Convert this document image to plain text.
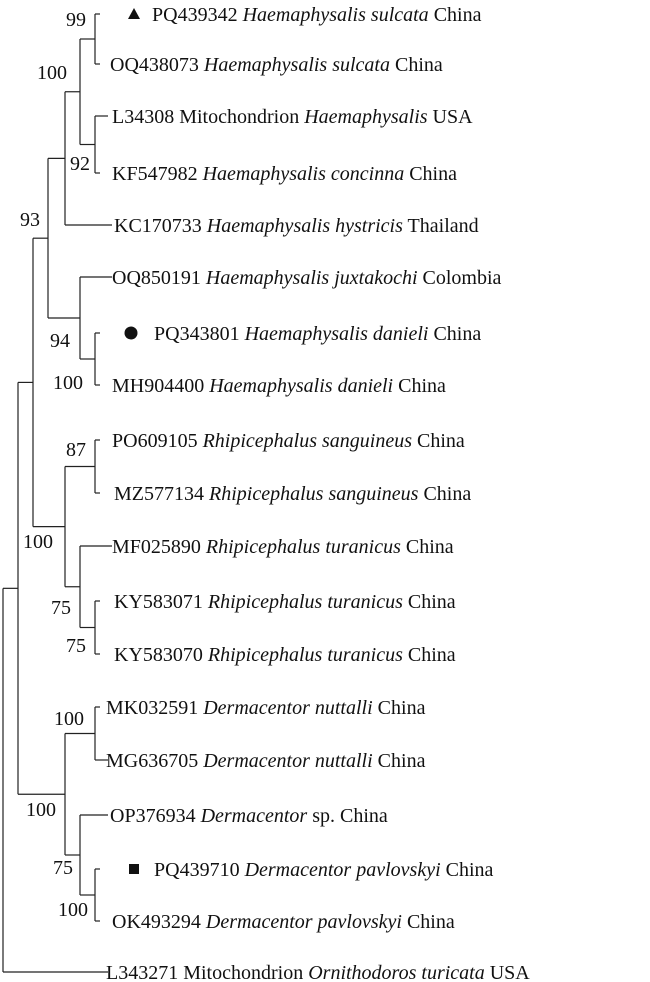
PQ439342 Haemaphysalis sulcata China
OQ438073 Haemaphysalis sulcata China
L34308 Mitochondrion Haemaphysalis USA
KF547982 Haemaphysalis concinna China
KC170733 Haemaphysalis hystricis Thailand
OQ850191 Haemaphysalis juxtakochi Colombia
PQ343801 Haemaphysalis danieli China
MH904400 Haemaphysalis danieli China
PO609105 Rhipicephalus sanguineus China
MZ577134 Rhipicephalus sanguineus China
MF025890 Rhipicephalus turanicus China
KY583071 Rhipicephalus turanicus China
KY583070 Rhipicephalus turanicus China
MK032591 Dermacentor nuttalli China
MG636705 Dermacentor nuttalli China
OP376934 Dermacentor sp. China
PQ439710 Dermacentor pavlovskyi China
OK493294 Dermacentor pavlovskyi China
L343271 Mitochondrion Ornithodoros turicata USA
99
100
92
93
94
100
87
100
75
75
100
100
75
100
